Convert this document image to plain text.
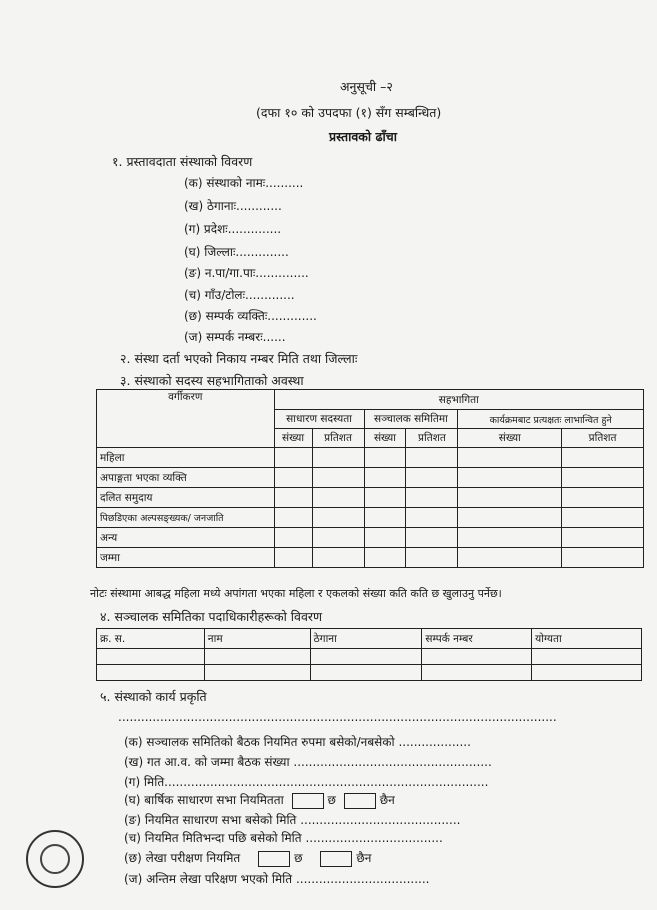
अनुसूची –२
(दफा १० को उपदफा (१) सँग सम्बन्धित)
प्रस्तावको ढाँचा
१. प्रस्तावदाता संस्थाको विवरण
(क) संस्थाको नामः..........
(ख) ठेगानाः............
(ग) प्रदेशः..............
(घ) जिल्लाः..............
(ङ) न.पा/गा.पाः..............
(च) गाँउ/टोलः.............
(छ) सम्पर्क व्यक्तिः.............
(ज) सम्पर्क नम्बरः......
२. संस्था दर्ता भएको निकाय नम्बर मिति तथा जिल्लाः
३. संस्थाको सदस्य सहभागिताको अवस्था
वर्गीकरण	सहभागिता					
	साधारण सदस्यता		सञ्चालक समितिमा		कार्यक्रमबाट प्रत्यक्षतः लाभान्वित हुने	
	संख्या	प्रतिशत	संख्या	प्रतिशत	संख्या	प्रतिशत
महिला						
अपाङ्गता भएका व्यक्ति						
दलित समुदाय						
पिछडिएका अल्पसङ्ख्यक/ जनजाति						
अन्य						
जम्मा						
नोटः संस्थामा आबद्ध महिला मध्ये अपांगता भएका महिला र एकलको संख्या कति कति छ खुलाउनु पर्नेछ।
४. सञ्चालक समितिका पदाधिकारीहरूको विवरण
क्र. स.	नाम	ठेगाना	सम्पर्क नम्बर	योग्यता

५. संस्थाको कार्य प्रकृति
...................................................................................................................
(क) सञ्चालक समितिको बैठक नियमित रुपमा बसेको/नबसेको ...................
(ख) गत आ.व. को जम्मा बैठक संख्या ....................................................
(ग) मिति.....................................................................................
(घ) बार्षिक साधारण सभा नियमितता	छ	छैन
(ङ) नियमित साधारण सभा बसेको मिति ..........................................
(च) नियमित मितिभन्दा पछि बसेको मिति ....................................
(छ) लेखा परीक्षण नियमित	छ	छैन
(ज) अन्तिम लेखा परिक्षण भएको मिति ...................................
